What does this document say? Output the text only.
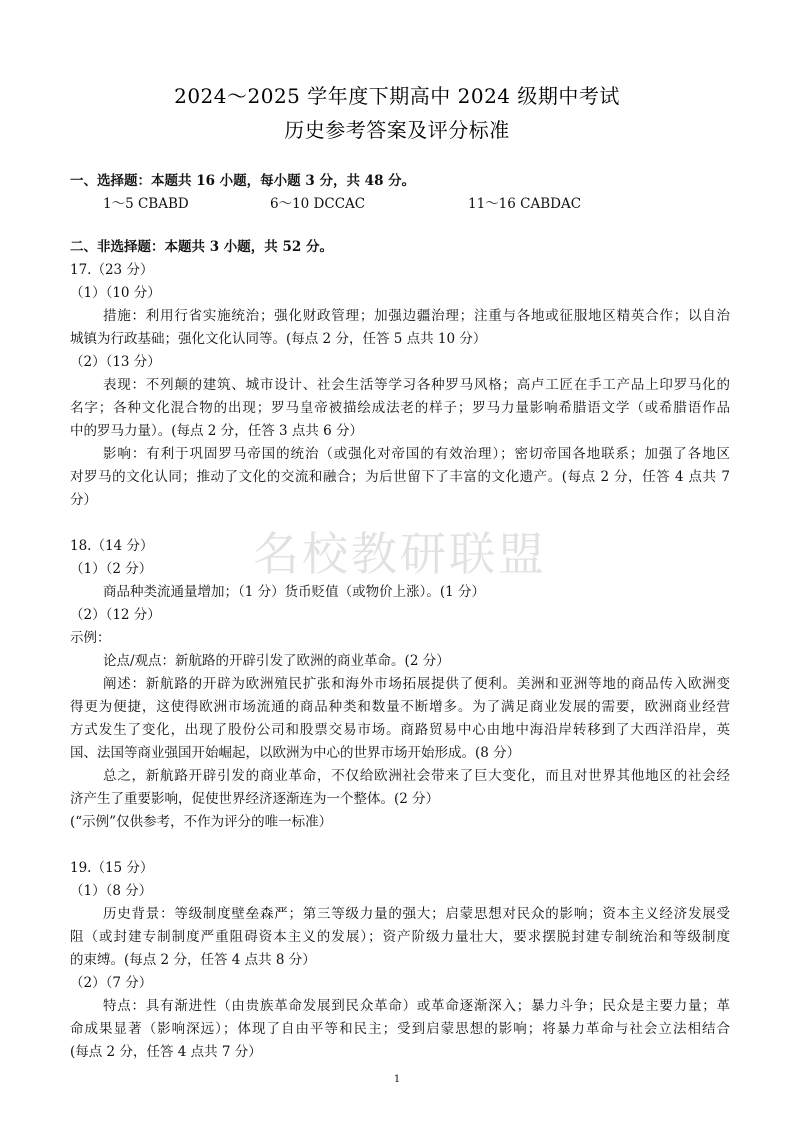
2024～2025 学年度下期高中 2024 级期中考试
历史参考答案及评分标准
名校教研联盟
一、选择题：本题共 16 小题，每小题 3 分，共 48 分。
1～5 CBABD	6～10 DCCAC	11～16 CABDAC
二、非选择题：本题共 3 小题，共 52 分。
17.（23 分）
（1）（10 分）
措施：利用行省实施统治；强化财政管理；加强边疆治理；注重与各地或征服地区精英合作；以自治
城镇为行政基础；强化文化认同等。(每点 2 分，任答 5 点共 10 分）
（2）（13 分）
表现：不列颠的建筑、城市设计、社会生活等学习各种罗马风格；高卢工匠在手工产品上印罗马化的
名字；各种文化混合物的出现；罗马皇帝被描绘成法老的样子；罗马力量影响希腊语文学（或希腊语作品
中的罗马力量）。(每点 2 分，任答 3 点共 6 分）
影响：有利于巩固罗马帝国的统治（或强化对帝国的有效治理）；密切帝国各地联系；加强了各地区
对罗马的文化认同；推动了文化的交流和融合；为后世留下了丰富的文化遗产。(每点 2 分，任答 4 点共 7
分）
18.（14 分）
（1）（2 分）
商品种类流通量增加；（1 分）货币贬值（或物价上涨）。(1 分）
（2）（12 分）
示例：
论点/观点：新航路的开辟引发了欧洲的商业革命。(2 分）
阐述：新航路的开辟为欧洲殖民扩张和海外市场拓展提供了便利。美洲和亚洲等地的商品传入欧洲变
得更为便捷，这使得欧洲市场流通的商品种类和数量不断增多。为了满足商业发展的需要，欧洲商业经营
方式发生了变化，出现了股份公司和股票交易市场。商路贸易中心由地中海沿岸转移到了大西洋沿岸，英
国、法国等商业强国开始崛起，以欧洲为中心的世界市场开始形成。(8 分）
总之，新航路开辟引发的商业革命，不仅给欧洲社会带来了巨大变化，而且对世界其他地区的社会经
济产生了重要影响，促使世界经济逐渐连为一个整体。(2 分）
(“示例”仅供参考，不作为评分的唯一标准）
19.（15 分）
（1）（8 分）
历史背景：等级制度壁垒森严；第三等级力量的强大；启蒙思想对民众的影响；资本主义经济发展受
阻（或封建专制制度严重阻碍资本主义的发展）；资产阶级力量壮大，要求摆脱封建专制统治和等级制度
的束缚。(每点 2 分，任答 4 点共 8 分）
（2）（7 分）
特点：具有渐进性（由贵族革命发展到民众革命）或革命逐渐深入；暴力斗争；民众是主要力量；革
命成果显著（影响深远）；体现了自由平等和民主；受到启蒙思想的影响；将暴力革命与社会立法相结合
(每点 2 分，任答 4 点共 7 分）
1
